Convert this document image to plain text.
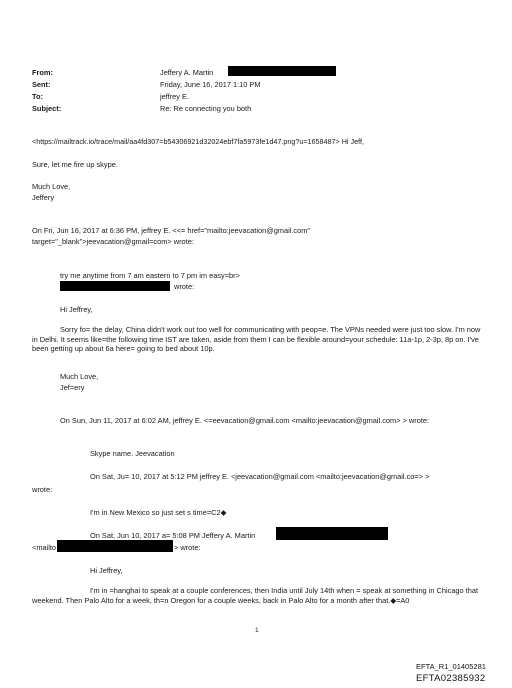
From:
Sent:
To:
Subject:
Jeffery A. Martin
Friday, June 16, 2017 1:10 PM
jeffrey E.
Re: Re connecting you both
<https://mailtrack.io/trace/mail/aa4fd307=b54306921d32024ebf7fa5973fe1d47.png?u=1658487> Hi Jeff,
Sure, let me fire up skype.
Much Love,
Jeffery
On Fri, Jun 16, 2017 at 6:36 PM, jeffrey E. <<= href="mailto:jeevacation@gmail.com"
target="_blank">jeevacation@gmail=com> wrote:
try me anytime from 7 am eastern to 7 pm im easy=br>
wrote:
Hi Jeffrey,
Sorry fo= the delay, China didn't work out too well for communicating with peop=e. The VPNs needed were just too slow. I'm now in Delhi. It seems like=the following time IST are taken, aside from them I can be flexible around=your schedule: 11a-1p, 2-3p, 8p on. I've been getting up about 6a here= going to bed about 10p.
Much Love,
Jef=ery
On Sun, Jun 11, 2017 at 6:02 AM, jeffrey E. <=eevacation@gmail.com <mailto:jeevacation@gmail.com> > wrote:
Skype name. Jeevacation
On Sat, Ju= 10, 2017 at 5:12 PM jeffrey E. <jeevacation@gmail.com <mailto:jeevacation@gmail.co=> >
wrote:
I'm in New Mexico so just set s time=C2◆
On Sat, Jun 10, 2017 a= 5:08 PM Jeffery A. Martin
<mailto	> wrote:
Hi Jeffrey,
I'm in =hanghai to speak at a couple conferences, then India until July 14th when = speak at something in Chicago that weekend. Then Palo Alto for a week, th=n Oregon for a couple weeks, back in Palo Alto for a month after that.◆=A0
1
EFTA_R1_01405281
EFTA02385932
